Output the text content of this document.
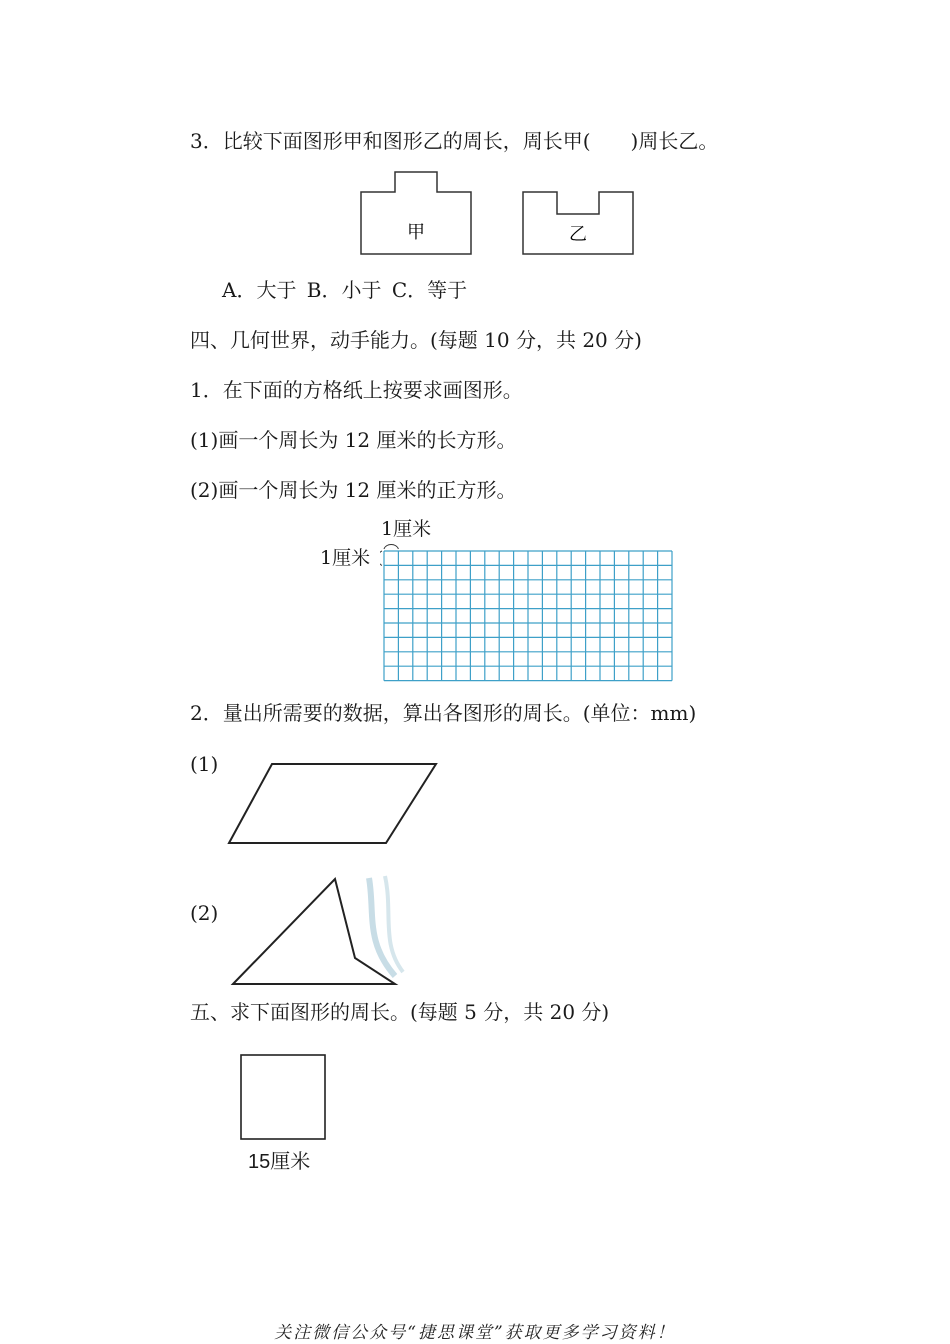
3．比较下面图形甲和图形乙的周长，周长甲(　　)周长乙。
甲	乙
A．大于 B．小于 C．等于
四、几何世界，动手能力。(每题 10 分，共 20 分)
1．在下面的方格纸上按要求画图形。
(1)画一个周长为 12 厘米的长方形。
(2)画一个周长为 12 厘米的正方形。
1厘米
1厘米
2．量出所需要的数据，算出各图形的周长。(单位：mm)
(1)
(2)
五、求下面图形的周长。(每题 5 分，共 20 分)
15厘米
关注微信公众号“捷思课堂”获取更多学习资料！
